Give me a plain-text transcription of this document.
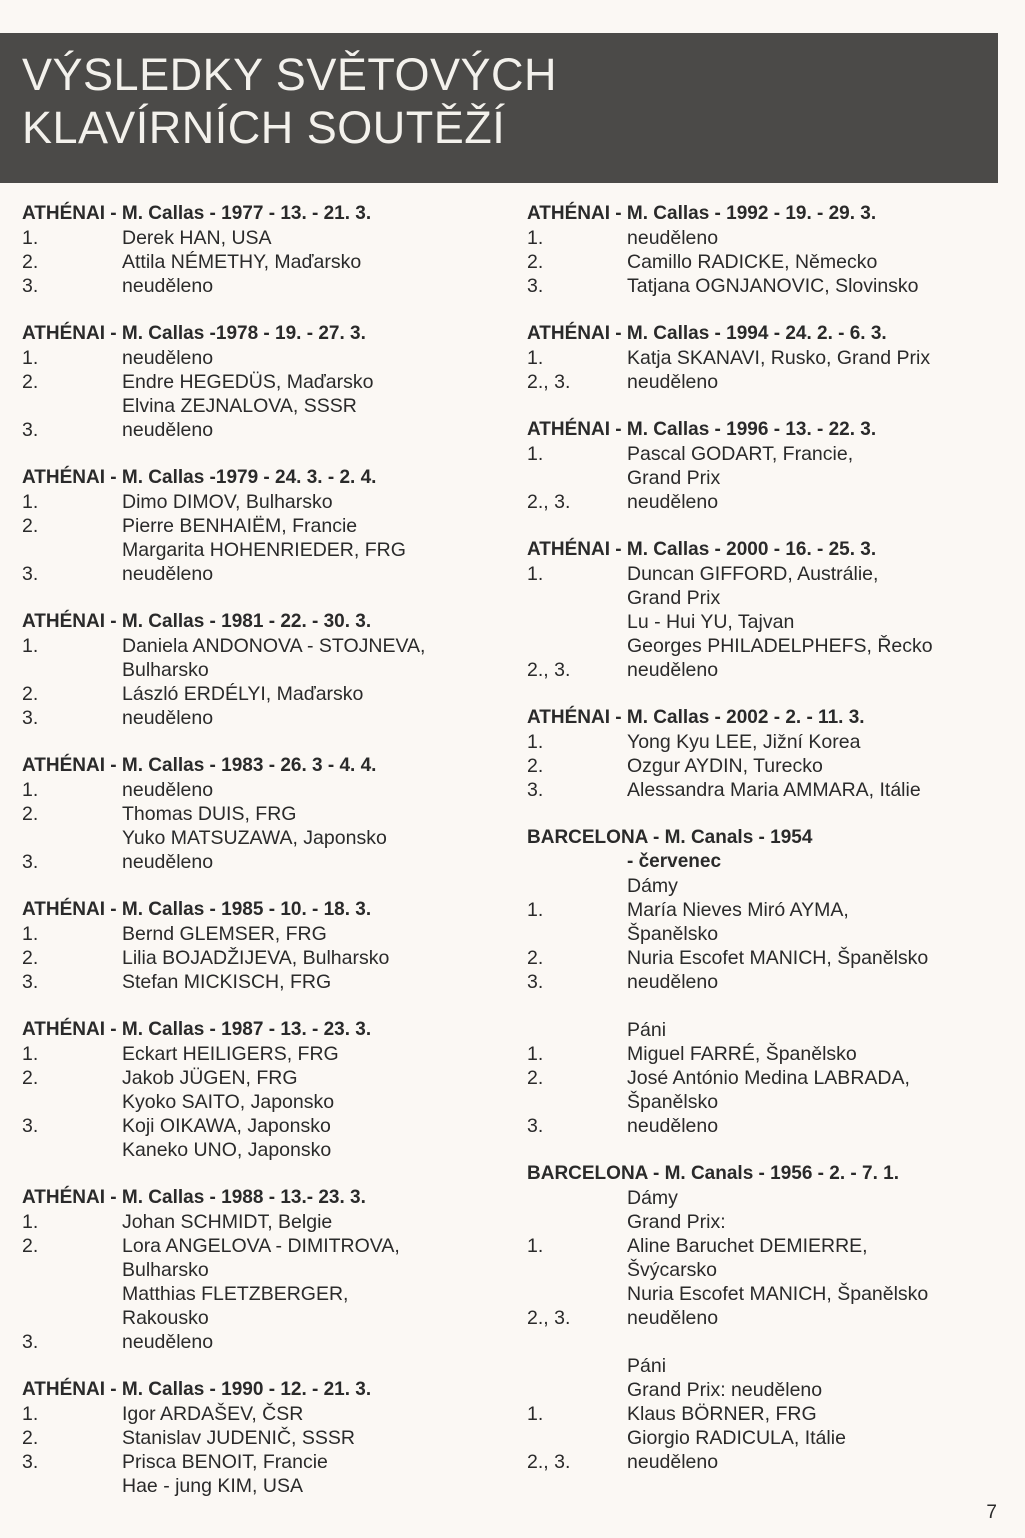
VÝSLEDKY SVĚTOVÝCH
KLAVÍRNÍCH SOUTĚŽÍ
ATHÉNAI - M. Callas - 1977 - 13. - 21. 3.
1.	Derek HAN, USA
2.	Attila NÉMETHY, Maďarsko
3.	neuděleno
ATHÉNAI - M. Callas -1978 - 19. - 27. 3.
1.	neuděleno
2.	Endre HEGEDÜS, Maďarsko
Elvina ZEJNALOVA, SSSR
3.	neuděleno
ATHÉNAI - M. Callas -1979 - 24. 3. - 2. 4.
1.	Dimo DIMOV, Bulharsko
2.	Pierre BENHAIËM, Francie
Margarita HOHENRIEDER, FRG
3.	neuděleno
ATHÉNAI - M. Callas - 1981 - 22. - 30. 3.
1.	Daniela ANDONOVA - STOJNEVA,
Bulharsko
2.	László ERDÉLYI, Maďarsko
3.	neuděleno
ATHÉNAI - M. Callas - 1983 - 26. 3 - 4. 4.
1.	neuděleno
2.	Thomas DUIS, FRG
Yuko MATSUZAWA, Japonsko
3.	neuděleno
ATHÉNAI - M. Callas - 1985 - 10. - 18. 3.
1.	Bernd GLEMSER, FRG
2.	Lilia BOJADŽIJEVA, Bulharsko
3.	Stefan MICKISCH, FRG
ATHÉNAI - M. Callas - 1987 - 13. - 23. 3.
1.	Eckart HEILIGERS, FRG
2.	Jakob JÜGEN, FRG
Kyoko SAITO, Japonsko
3.	Koji OIKAWA, Japonsko
Kaneko UNO, Japonsko
ATHÉNAI - M. Callas - 1988 - 13.- 23. 3.
1.	Johan SCHMIDT, Belgie
2.	Lora ANGELOVA - DIMITROVA,
Bulharsko
Matthias FLETZBERGER,
Rakousko
3.	neuděleno
ATHÉNAI - M. Callas - 1990 - 12. - 21. 3.
1.	Igor ARDAŠEV, ČSR
2.	Stanislav JUDENIČ, SSSR
3.	Prisca BENOIT, Francie
Hae - jung KIM, USA
ATHÉNAI - M. Callas - 1992 - 19. - 29. 3.
1.	neuděleno
2.	Camillo RADICKE, Německo
3.	Tatjana OGNJANOVIC, Slovinsko
ATHÉNAI - M. Callas - 1994 - 24. 2. - 6. 3.
1.	Katja SKANAVI, Rusko, Grand Prix
2., 3.	neuděleno
ATHÉNAI - M. Callas - 1996 - 13. - 22. 3.
1.	Pascal GODART, Francie,
Grand Prix
2., 3.	neuděleno
ATHÉNAI - M. Callas - 2000 - 16. - 25. 3.
1.	Duncan GIFFORD, Austrálie,
Grand Prix
Lu - Hui YU, Tajvan
Georges PHILADELPHEFS, Řecko
2., 3.	neuděleno
ATHÉNAI - M. Callas - 2002 - 2. - 11. 3.
1.	Yong Kyu LEE, Jižní Korea
2.	Ozgur AYDIN, Turecko
3.	Alessandra Maria AMMARA, Itálie
BARCELONA - M. Canals - 1954
- červenec
Dámy
1.	María Nieves Miró AYMA,
Španělsko
2.	Nuria Escofet MANICH, Španělsko
3.	neuděleno
Páni
1.	Miguel FARRÉ, Španělsko
2.	José António Medina LABRADA,
Španělsko
3.	neuděleno
BARCELONA - M. Canals - 1956 - 2. - 7. 1.
Dámy
Grand Prix:
1.	Aline Baruchet DEMIERRE,
Švýcarsko
Nuria Escofet MANICH, Španělsko
2., 3.	neuděleno
Páni
Grand Prix: neuděleno
1.	Klaus BÖRNER, FRG
Giorgio RADICULA, Itálie
2., 3.	neuděleno
7
